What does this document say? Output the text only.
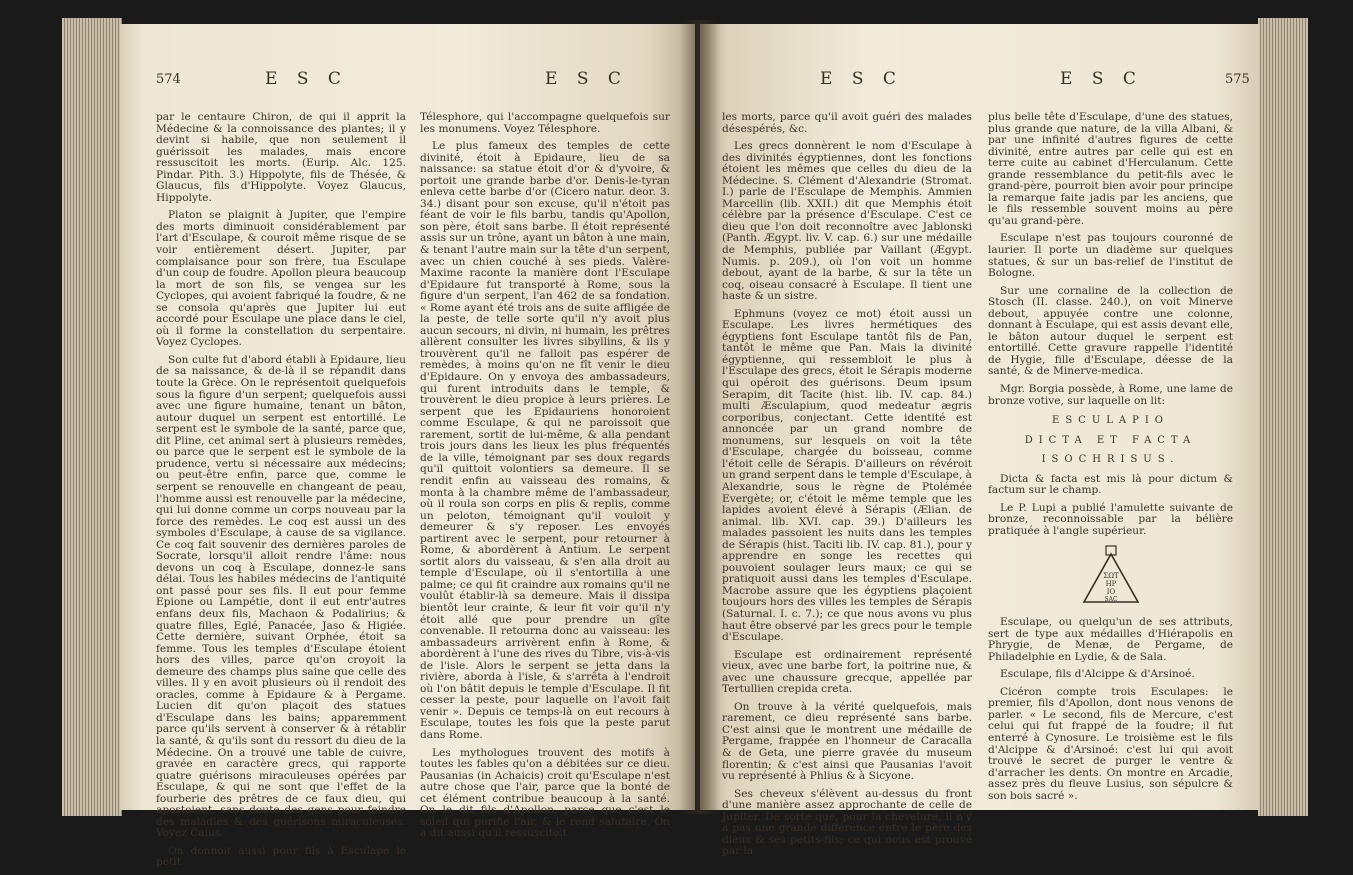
574	E S C	E S C

par le centaure Chiron, de qui il apprit la Médecine & la connoissance des plantes; il y devint si habile, que non seulement il guérissoit les malades, mais encore ressuscitoit les morts. (Eurip. Alc. 125. Pindar. Pith. 3.) Hippolyte, fils de Thésée, & Glaucus, fils d'Hippolyte. Voyez Glaucus, Hippolyte.

Platon se plaignit à Jupiter, que l'empire des morts diminuoit considérablement par l'art d'Esculape, & couroit même risque de se voir entièrement désert. Jupiter, par complaisance pour son frère, tua Esculape d'un coup de foudre. Apollon pleura beaucoup la mort de son fils, se vengea sur les Cyclopes, qui avoient fabriqué la foudre, & ne se consola qu'après que Jupiter lui eut accordé pour Esculape une place dans le ciel, où il forme la constellation du serpentaire. Voyez Cyclopes.

Son culte fut d'abord établi à Epidaure, lieu de sa naissance, & de-là il se répandit dans toute la Grèce. On le représentoit quelquefois sous la figure d'un serpent; quelquefois aussi avec une figure humaine, tenant un bâton, autour duquel un serpent est entortillé. Le serpent est le symbole de la santé, parce que, dit Pline, cet animal sert à plusieurs remèdes, ou parce que le serpent est le symbole de la prudence, vertu si nécessaire aux médecins; ou peut-être enfin, parce que, comme le serpent se renouvelle en changeant de peau, l'homme aussi est renouvelle par la médecine, qui lui donne comme un corps nouveau par la force des remèdes. Le coq est aussi un des symboles d'Esculape, à cause de sa vigilance. Ce coq fait souvenir des dernières paroles de Socrate, lorsqu'il alloit rendre l'âme: nous devons un coq à Esculape, donnez-le sans délai. Tous les habiles médecins de l'antiquité ont passé pour ses fils. Il eut pour femme Epione ou Lampétie, dont il eut entr'autres enfans deux fils, Machaon & Podalirius; & quatre filles, Eglé, Panacée, Jaso & Higiée. Cette dernière, suivant Orphée, étoit sa femme. Tous les temples d'Esculape étoient hors des villes, parce qu'on croyoit la demeure des champs plus saine que celle des villes. Il y en avoit plusieurs où il rendoit des oracles, comme à Epidaure & à Pergame. Lucien dit qu'on plaçoit des statues d'Esculape dans les bains; apparemment parce qu'ils servent à conserver & à rétablir la santé, & qu'ils sont du ressort du dieu de la Médecine. On a trouvé une table de cuivre, gravée en caractère grecs, qui rapporte quatre guérisons miraculeuses opérées par Esculape, & qui ne sont que l'effet de la fourberie des prêtres de ce faux dieu, qui apostoient, sans doute des gens pour feindre des maladies & des guérisons miraculeuses. Voyez Caius.

On donnoit aussi pour fils à Esculape le petit

Télesphore, qui l'accompagne quelquefois sur les monumens. Voyez Télesphore.

Le plus fameux des temples de cette divinité, étoit à Epidaure, lieu de sa naissance: sa statue étoit d'or & d'yvoire, & portoit une grande barbe d'or. Denis-le-tyran enleva cette barbe d'or (Cicero natur. deor. 3. 34.) disant pour son excuse, qu'il n'étoit pas féant de voir le fils barbu, tandis qu'Apollon, son père, étoit sans barbe. Il étoit représenté assis sur un trône, ayant un bâton à une main, & tenant l'autre main sur la tête d'un serpent, avec un chien couché à ses pieds. Valère-Maxime raconte la manière dont l'Esculape d'Epidaure fut transporté à Rome, sous la figure d'un serpent, l'an 462 de sa fondation. « Rome ayant été trois ans de suite affligée de la peste, de telle sorte qu'il n'y avoit plus aucun secours, ni divin, ni humain, les prêtres allèrent consulter les livres sibyllins, & ils y trouvèrent qu'il ne falloit pas espérer de remèdes, à moins qu'on ne fît venir le dieu d'Epidaure. On y envoya des ambassadeurs, qui furent introduits dans le temple, & trouvèrent le dieu propice à leurs prières. Le serpent que les Epidauriens honoroient comme Esculape, & qui ne paroissoit que rarement, sortit de lui-même, & alla pendant trois jours dans les lieux les plus fréquentés de la ville, témoignant par ses doux regards qu'il quittoit volontiers sa demeure. Il se rendit enfin au vaisseau des romains, & monta à la chambre même de l'ambassadeur, où il roula son corps en plis & replis, comme un peloton, témoignant qu'il vouloit y demeurer & s'y reposer. Les envoyés partirent avec le serpent, pour retourner à Rome, & abordèrent à Antium. Le serpent sortit alors du vaisseau, & s'en alla droit au temple d'Esculape, où il s'entortilla à une palme; ce qui fit craindre aux romains qu'il ne voulût établir-là sa demeure. Mais il dissipa bientôt leur crainte, & leur fit voir qu'il n'y étoit allé que pour prendre un gîte convenable. Il retourna donc au vaisseau: les ambassadeurs arrivèrent enfin à Rome, & abordèrent à l'une des rives du Tibre, vis-à-vis de l'isle. Alors le serpent se jetta dans la rivière, aborda à l'isle, & s'arrêta à l'endroit où l'on bâtit depuis le temple d'Esculape. Il fit cesser la peste, pour laquelle on l'avoit fait venir ». Depuis ce temps-là on eut recours à Esculape, toutes les fois que la peste parut dans Rome.

Les mythologues trouvent des motifs à toutes les fables qu'on a débitées sur ce dieu. Pausanias (in Achaicis) croit qu'Esculape n'est autre chose que l'air, parce que la bonté de cet élément contribue beaucoup à la santé. On le dit fils d'Apollon, parce que c'est le soleil qui purifie l'air, & le rend salutaire. On a dit aussi qu'il ressuscitoit

575
E S C	E S C

les morts, parce qu'il avoit guéri des malades désespérés, &c.

Les grecs donnèrent le nom d'Esculape à des divinités égyptiennes, dont les fonctions étoient les mêmes que celles du dieu de la Médecine. S. Clément d'Alexandrie (Stromat. I.) parle de l'Esculape de Memphis. Ammien Marcellin (lib. XXII.) dit que Memphis étoit célèbre par la présence d'Esculape. C'est ce dieu que l'on doit reconnoître avec Jablonski (Panth. Ægypt. liv. V. cap. 6.) sur une médaille de Memphis, publiée par Vaillant (Ægypt. Numis. p. 209.), où l'on voit un homme debout, ayant de la barbe, & sur la tête un coq, oiseau consacré à Esculape. Il tient une haste & un sistre.

Ephmuns (voyez ce mot) étoit aussi un Esculape. Les livres hermétiques des égyptiens font Esculape tantôt fils de Pan, tantôt le même que Pan. Mais la divinité égyptienne, qui ressembloit le plus à l'Esculape des grecs, étoit le Sérapis moderne qui opéroit des guérisons. Deum ipsum Serapim, dit Tacite (hist. lib. IV. cap. 84.) multi Æsculapium, quod medeatur ægris corporibus, conjectant. Cette identité est annoncée par un grand nombre de monumens, sur lesquels on voit la tête d'Esculape, chargée du boisseau, comme l'étoit celle de Sérapis. D'ailleurs on révéroit un grand serpent dans le temple d'Esculape, à Alexandrie, sous le règne de Ptolémée Evergète; or, c'étoit le même temple que les lapides avoient élevé à Sérapis (Ælian. de animal. lib. XVI. cap. 39.) D'ailleurs les malades passoient les nuits dans les temples de Sérapis (hist. Taciti lib. IV. cap. 81.), pour y apprendre en songe les recettes qui pouvoient soulager leurs maux; ce qui se pratiquoit aussi dans les temples d'Esculape. Macrobe assure que les égyptiens plaçoient toujours hors des villes les temples de Sérapis (Saturnal. I. c. 7.); ce que nous avons vu plus haut être observé par les grecs pour le temple d'Esculape.

Esculape est ordinairement représenté vieux, avec une barbe fort, la poitrine nue, & avec une chaussure grecque, appellée par Tertullien crepida creta.

On trouve à la vérité quelquefois, mais rarement, ce dieu représenté sans barbe. C'est ainsi que le montrent une médaille de Pergame, frappée en l'honneur de Caracalla & de Geta, une pierre gravée du museum florentin; & c'est ainsi que Pausanias l'avoit vu représenté à Phlius & à Sicyone.

Ses cheveux s'élèvent au-dessus du front d'une manière assez approchante de celle de Jupiter. De sorte que, pour la chevelure, il n'y a pas une grande différence entre le père des dieux & ses petits-fils; ce qui nous est prouvé par la

plus belle tête d'Esculape, d'une des statues, plus grande que nature, de la villa Albani, & par une infinité d'autres figures de cette divinité, entre autres par celle qui est en terre cuite au cabinet d'Herculanum. Cette grande ressemblance du petit-fils avec le grand-père, pourroit bien avoir pour principe la remarque faite jadis par les anciens, que le fils ressemble souvent moins au père qu'au grand-père.

Esculape n'est pas toujours couronné de laurier. Il porte un diadème sur quelques statues, & sur un bas-relief de l'institut de Bologne.

Sur une cornaline de la collection de Stosch (II. classe. 240.), on voit Minerve debout, appuyée contre une colonne, donnant à Esculape, qui est assis devant elle, le bâton autour duquel le serpent est entortillé. Cette gravure rappelle l'identité de Hygie, fille d'Esculape, déesse de la santé, & de Minerve-medica.

Mgr. Borgia possède, à Rome, une lame de bronze votive, sur laquelle on lit:

ESCULAPIO

DICTA ET FACTA

ISOCHRISUS.

Dicta & facta est mis là pour dictum & factum sur le champ.

Le P. Lupi a publié l'amulette suivante de bronze, reconnoissable par la bélière pratiquée à l'angle supérieur.

ΣΩΤ
ΗΡ
ΙΟ
SAC

Esculape, ou quelqu'un de ses attributs, sert de type aux médailles d'Hiérapolis en Phrygie, de Menæ, de Pergame, de Philadelphie en Lydie, & de Sala.

Esculape, fils d'Alcippe & d'Arsinoé.

Cicéron compte trois Esculapes: le premier, fils d'Apollon, dont nous venons de parler. « Le second, fils de Mercure, c'est celui qui fut frappé de la foudre; il fut enterré à Cynosure. Le troisième est le fils d'Alcippe & d'Arsinoé: c'est lui qui avoit trouvé le secret de purger le ventre & d'arracher les dents. On montre en Arcadie, assez près du fleuve Lusius, son sépulcre & son bois sacré ».
